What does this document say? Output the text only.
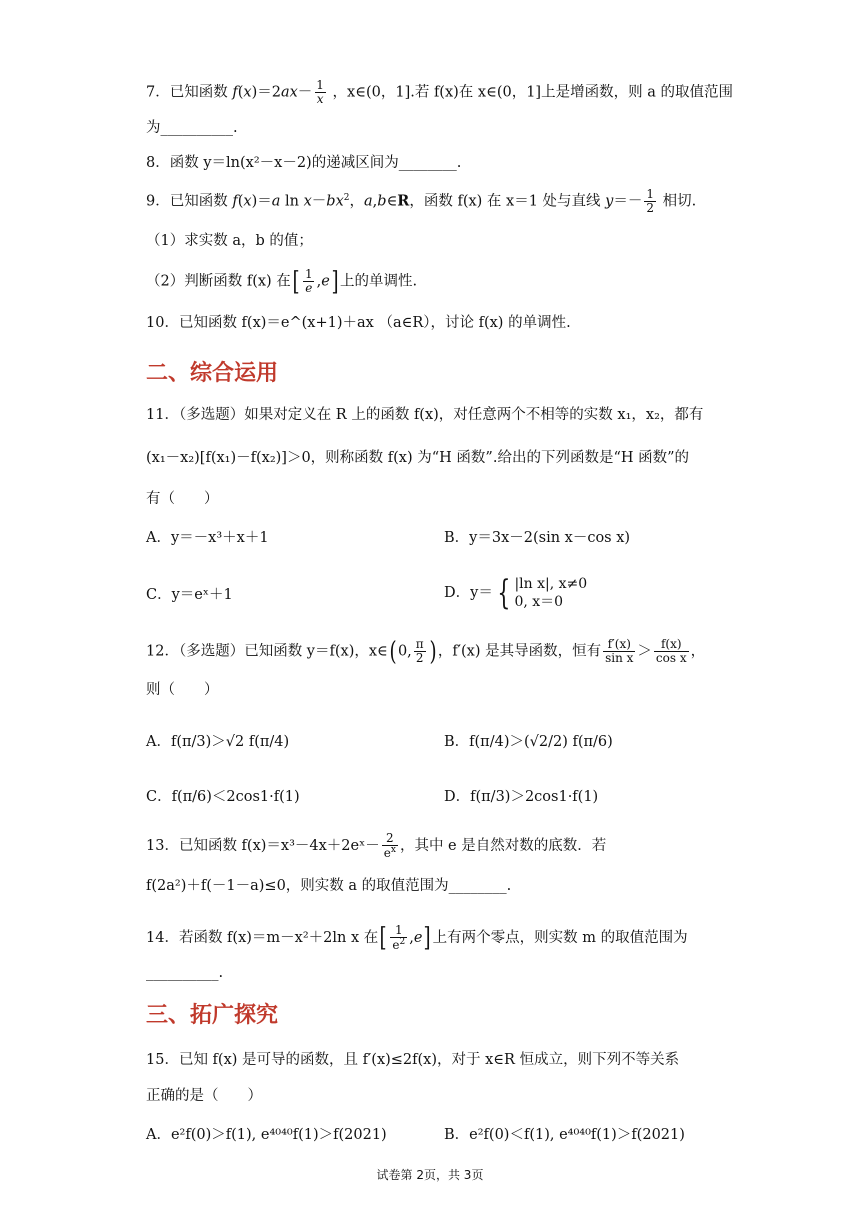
7．已知函数 $f(x)=2ax- \frac{1}{x}$ ，x∈(0，1].若 f(x)在 x∈(0，1]上是增函数，则 a 的取值范围
为__________.
8．函数 y＝ln(x²－x－2)的递减区间为________.
9．已知函数 f(x)＝a $\ln x-bx^2$，a,b∈R，函数 f(x) 在 x＝1 处与直线 $y=- \frac{1}{2}$ 相切.
（1）求实数 a，b 的值；
（2）判断函数 f(x) 在[ $\frac{1}{e} ,e$] 上的单调性.
10．已知函数 f(x)＝e^(x+1)＋ax （a∈R），讨论 f(x) 的单调性.
二、综合运用
11．（多选题）如果对定义在 R 上的函数 f(x)，对任意两个不相等的实数 x₁，x₂，都有
(x₁－x₂)[f(x₁)－f(x₂)]＞0，则称函数 f(x) 为“H 函数”.给出的下列函数是“H 函数”的
有（　　）
A．y＝－x³＋x＋1	B．y＝3x－2(sin x－cos x)
C．y＝eˣ＋1	D．y＝ { |ln x|, x≠0
0, x＝0
12．（多选题）已知函数 y＝f(x)，x∈( 0, $\frac{\pi}{2}$ ) ，f′(x) 是其导函数，恒有 $\frac{f'(x)}{\text{sin x}} > \frac{f(x)}{\text{cos x}}$ ，
则（　　）
A．f(π/3)＞√2 f(π/4)	B．f(π/4)＞(√2/2) f(π/6)
C．f(π/6)＜2cos1·f(1)	D．f(π/3)＞2cos1·f(1)
13．已知函数 f(x)＝x³－4x＋2eˣ－ $\frac{2}{e^x}$ ，其中 e 是自然对数的底数．若
f(2a²)＋f(－1－a)≤0，则实数 a 的取值范围为________.
14．若函数 f(x)＝m－x²＋2ln x 在[ $\frac{1}{e^2} ,e$] 上有两个零点，则实数 m 的取值范围为
__________.
三、拓广探究
15．已知 f(x) 是可导的函数，且 f′(x)≤2f(x)，对于 x∈R 恒成立，则下列不等关系
正确的是（　　）
A．e²f(0)＞f(1), e⁴⁰⁴⁰f(1)＞f(2021)	B．e²f(0)＜f(1), e⁴⁰⁴⁰f(1)＞f(2021)
试卷第 2页，共 3页
